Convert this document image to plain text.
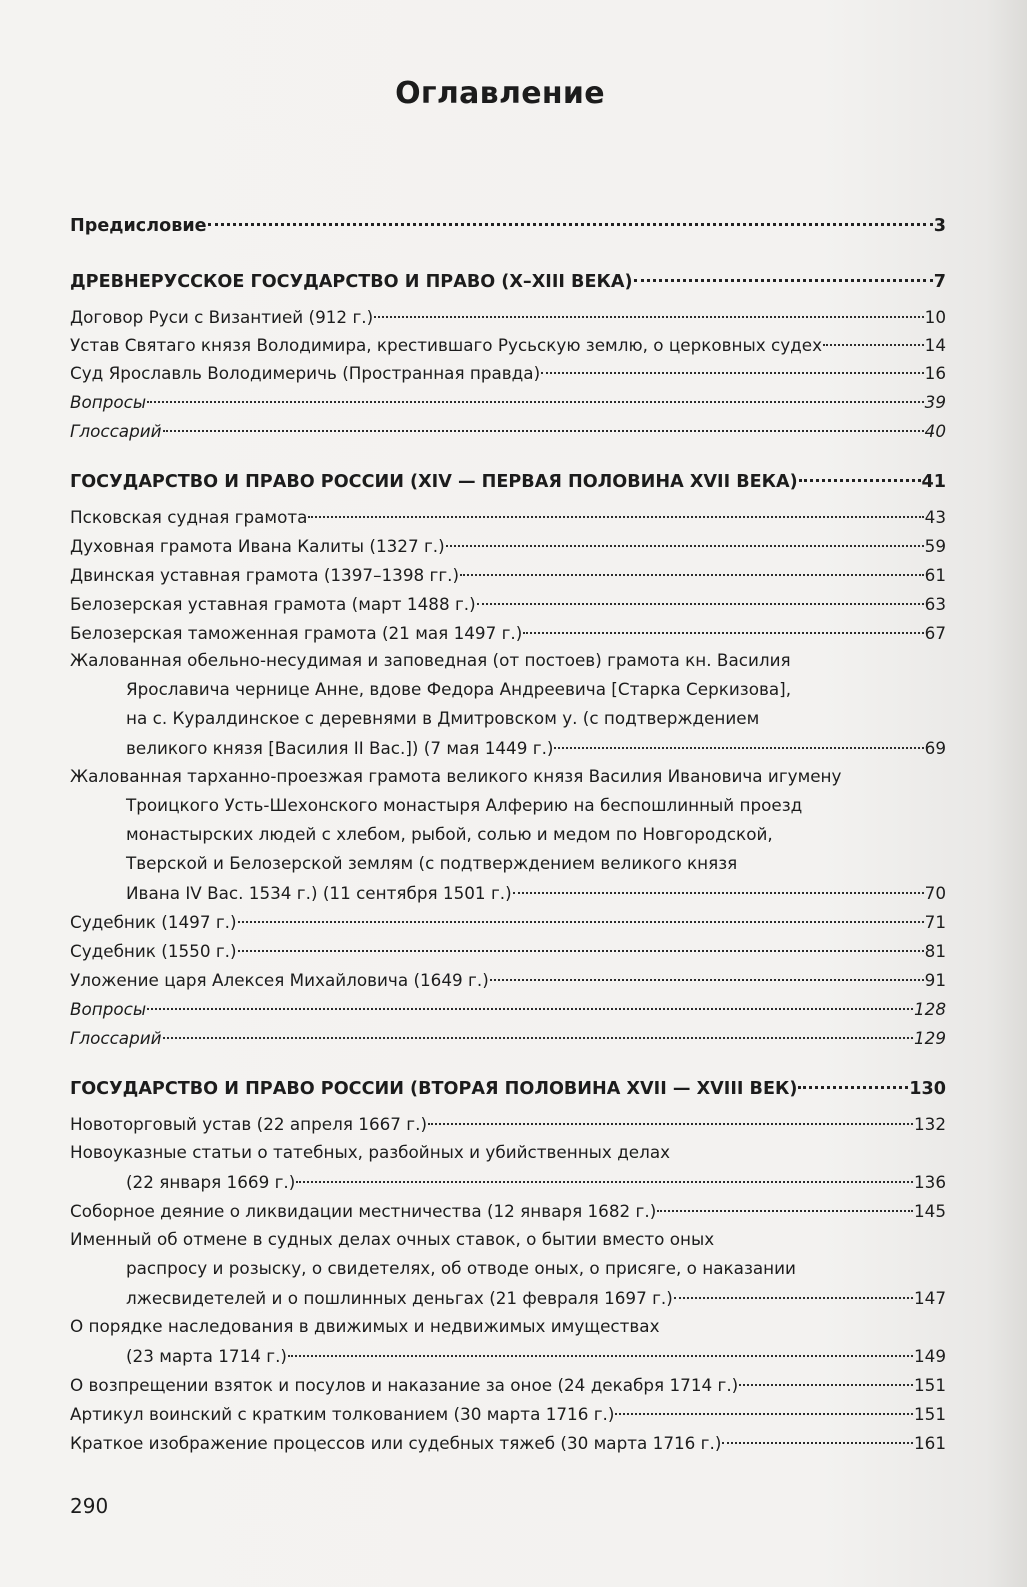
Оглавление
Предисловие	3
ДРЕВНЕРУССКОЕ ГОСУДАРСТВО И ПРАВО (X–XIII ВЕКА)	7
Договор Руси с Византией (912 г.)	10
Устав Святаго князя Володимира, крестившаго Русьскую землю, о церковных судех	14
Суд Ярославль Володимеричь (Пространная правда)	16
Вопросы	39
Глоссарий	40
ГОСУДАРСТВО И ПРАВО РОССИИ (XIV — ПЕРВАЯ ПОЛОВИНА XVII ВЕКА)	41
Псковская судная грамота	43
Духовная грамота Ивана Калиты (1327 г.)	59
Двинская уставная грамота (1397–1398 гг.)	61
Белозерская уставная грамота (март 1488 г.)	63
Белозерская таможенная грамота (21 мая 1497 г.)	67
Жалованная обельно-несудимая и заповедная (от постоев) грамота кн. Василия
Ярославича чернице Анне, вдове Федора Андреевича [Старка Серкизова],
на с. Куралдинское с деревнями в Дмитровском у. (с подтверждением
великого князя [Василия II Вас.]) (7 мая 1449 г.)	69
Жалованная тарханно-проезжая грамота великого князя Василия Ивановича игумену
Троицкого Усть-Шехонского монастыря Алферию на беспошлинный проезд
монастырских людей с хлебом, рыбой, солью и медом по Новгородской,
Тверской и Белозерской землям (с подтверждением великого князя
Ивана IV Вас. 1534 г.) (11 сентября 1501 г.)	70
Судебник (1497 г.)	71
Судебник (1550 г.)	81
Уложение царя Алексея Михайловича (1649 г.)	91
Вопросы	128
Глоссарий	129
ГОСУДАРСТВО И ПРАВО РОССИИ (ВТОРАЯ ПОЛОВИНА XVII — XVIII ВЕК)	130
Новоторговый устав (22 апреля 1667 г.)	132
Новоуказные статьи о татебных, разбойных и убийственных делах
(22 января 1669 г.)	136
Соборное деяние о ликвидации местничества (12 января 1682 г.)	145
Именный об отмене в судных делах очных ставок, о бытии вместо оных
распросу и розыску, о свидетелях, об отводе оных, о присяге, о наказании
лжесвидетелей и о пошлинных деньгах (21 февраля 1697 г.)	147
О порядке наследования в движимых и недвижимых имуществах
(23 марта 1714 г.)	149
О возпрещении взяток и посулов и наказание за оное (24 декабря 1714 г.)	151
Артикул воинский с кратким толкованием (30 марта 1716 г.)	151
Краткое изображение процессов или судебных тяжеб (30 марта 1716 г.)	161
290
